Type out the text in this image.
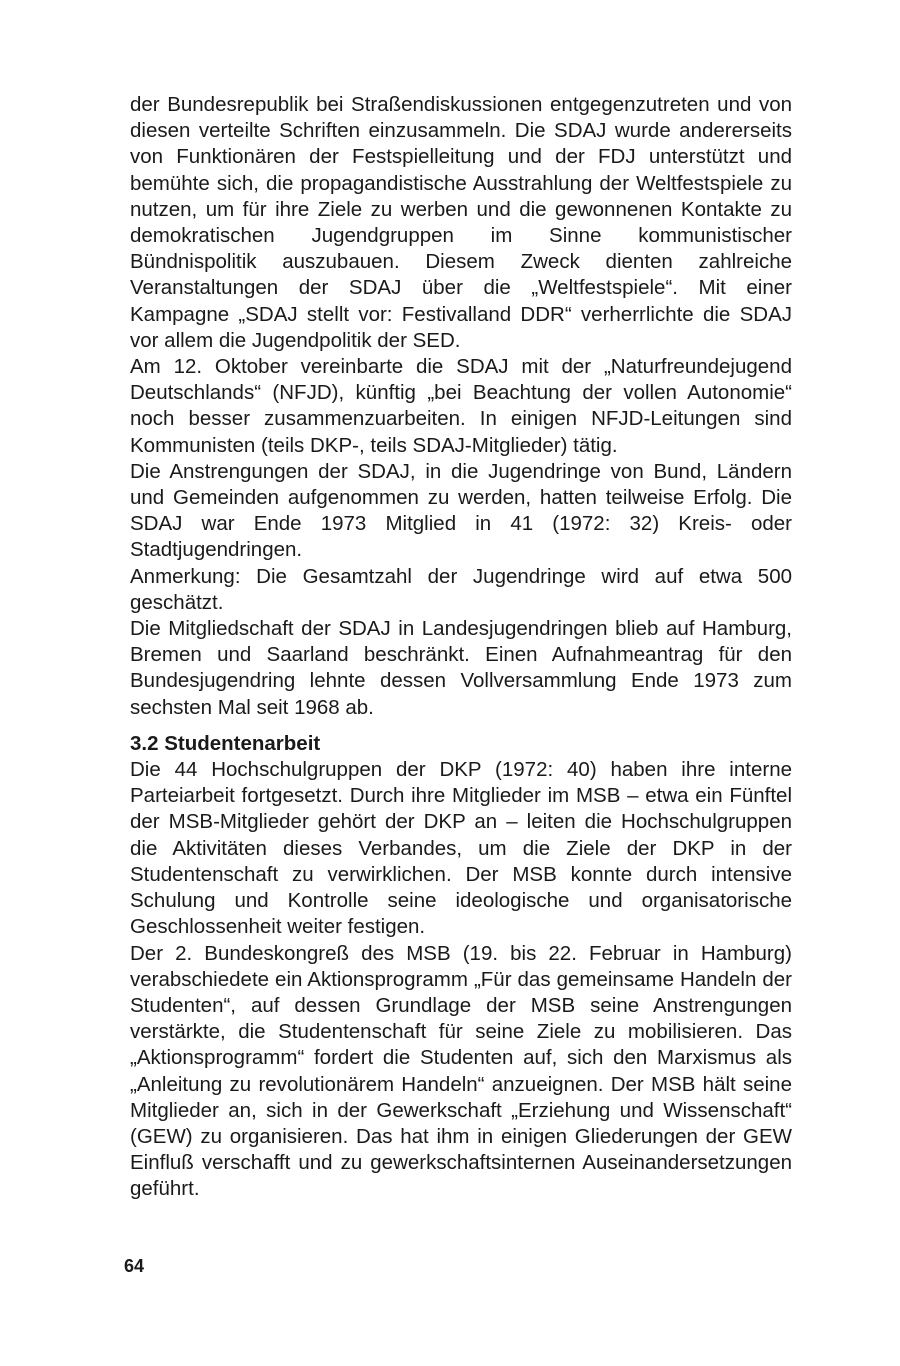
der Bundesrepublik bei Straßendiskussionen entgegenzutreten und von diesen verteilte Schriften einzusammeln. Die SDAJ wurde andererseits von Funktionären der Festspielleitung und der FDJ unterstützt und bemühte sich, die propagandistische Ausstrahlung der Weltfestspiele zu nutzen, um für ihre Ziele zu werben und die gewonnenen Kontakte zu demokratischen Jugendgruppen im Sinne kommunistischer Bündnispolitik auszubauen. Diesem Zweck dienten zahlreiche Veranstaltungen der SDAJ über die „Weltfestspiele“. Mit einer Kampagne „SDAJ stellt vor: Festivalland DDR“ verherrlichte die SDAJ vor allem die Jugendpolitik der SED.

Am 12. Oktober vereinbarte die SDAJ mit der „Naturfreundejugend Deutschlands“ (NFJD), künftig „bei Beachtung der vollen Autonomie“ noch besser zusammenzuarbeiten. In einigen NFJD-Leitungen sind Kommunisten (teils DKP-, teils SDAJ-Mitglieder) tätig.

Die Anstrengungen der SDAJ, in die Jugendringe von Bund, Ländern und Gemeinden aufgenommen zu werden, hatten teilweise Erfolg. Die SDAJ war Ende 1973 Mitglied in 41 (1972: 32) Kreis- oder Stadtjugendringen.

Anmerkung: Die Gesamtzahl der Jugendringe wird auf etwa 500 geschätzt.

Die Mitgliedschaft der SDAJ in Landesjugendringen blieb auf Hamburg, Bremen und Saarland beschränkt. Einen Aufnahmeantrag für den Bundesjugendring lehnte dessen Vollversammlung Ende 1973 zum sechsten Mal seit 1968 ab.

3.2 Studentenarbeit

Die 44 Hochschulgruppen der DKP (1972: 40) haben ihre interne Parteiarbeit fortgesetzt. Durch ihre Mitglieder im MSB – etwa ein Fünftel der MSB-Mitglieder gehört der DKP an – leiten die Hochschulgruppen die Aktivitäten dieses Verbandes, um die Ziele der DKP in der Studentenschaft zu verwirklichen. Der MSB konnte durch intensive Schulung und Kontrolle seine ideologische und organisatorische Geschlossenheit weiter festigen.

Der 2. Bundeskongreß des MSB (19. bis 22. Februar in Hamburg) verabschiedete ein Aktionsprogramm „Für das gemeinsame Handeln der Studenten“, auf dessen Grundlage der MSB seine Anstrengungen verstärkte, die Studentenschaft für seine Ziele zu mobilisieren. Das „Aktionsprogramm“ fordert die Studenten auf, sich den Marxismus als „Anleitung zu revolutionärem Handeln“ anzueignen. Der MSB hält seine Mitglieder an, sich in der Gewerkschaft „Erziehung und Wissenschaft“ (GEW) zu organisieren. Das hat ihm in einigen Gliederungen der GEW Einfluß verschafft und zu gewerkschaftsinternen Auseinandersetzungen geführt.

64
